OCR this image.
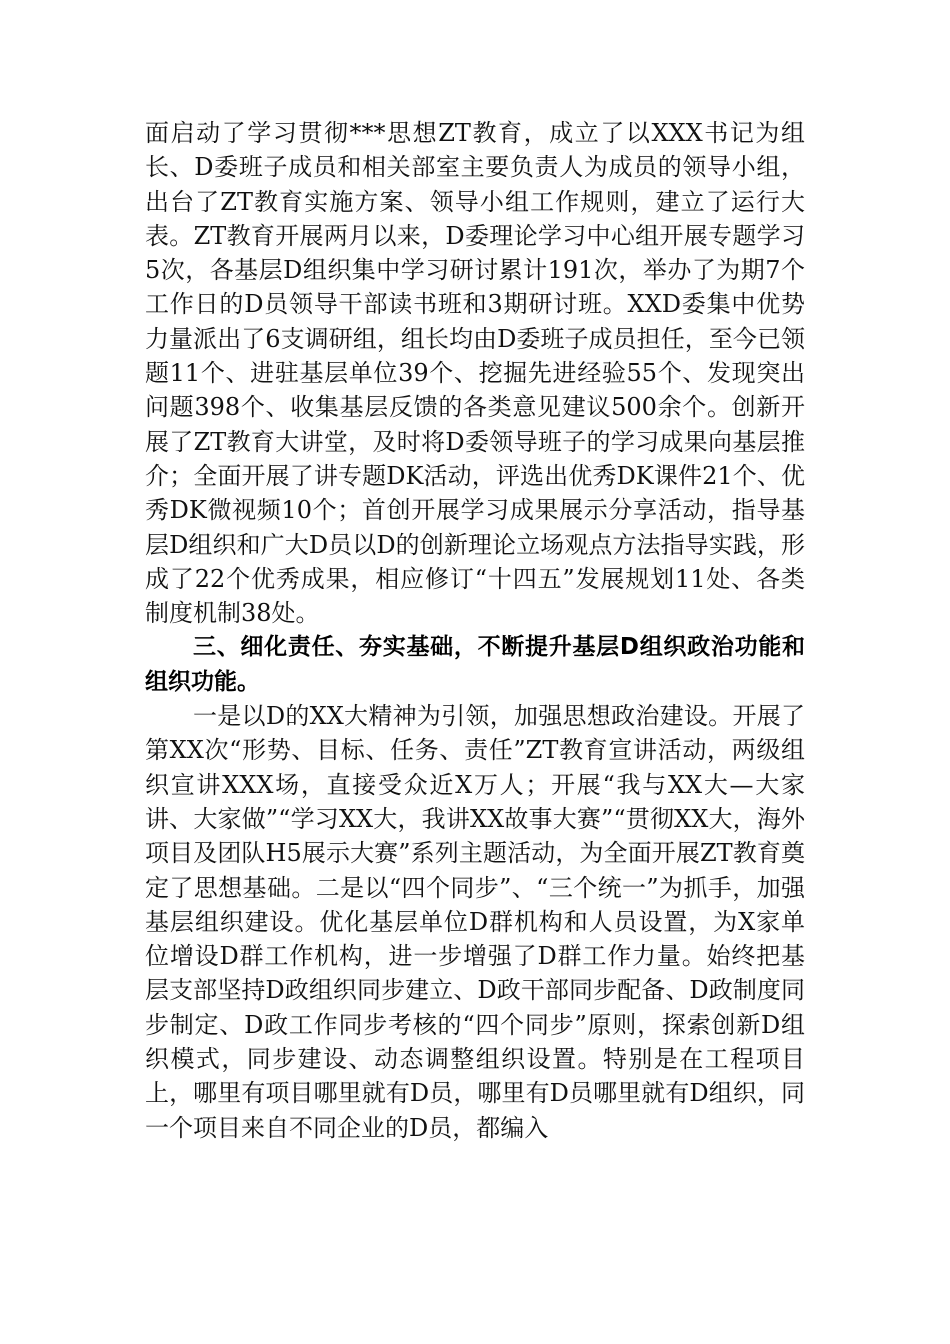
面启动了学习贯彻***思想ZT教育，成立了以XXX书记为组长、D委班子成员和相关部室主要负责人为成员的领导小组，出台了ZT教育实施方案、领导小组工作规则，建立了运行大表。ZT教育开展两月以来，D委理论学习中心组开展专题学习5次，各基层D组织集中学习研讨累计191次，举办了为期7个工作日的D员领导干部读书班和3期研讨班。XXD委集中优势力量派出了6支调研组，组长均由D委班子成员担任，至今已领题11个、进驻基层单位39个、挖掘先进经验55个、发现突出问题398个、收集基层反馈的各类意见建议500余个。创新开展了ZT教育大讲堂，及时将D委领导班子的学习成果向基层推介；全面开展了讲专题DK活动，评选出优秀DK课件21个、优秀DK微视频10个；首创开展学习成果展示分享活动，指导基层D组织和广大D员以D的创新理论立场观点方法指导实践，形成了22个优秀成果，相应修订“十四五”发展规划11处、各类制度机制38处。

三、细化责任、夯实基础，不断提升基层D组织政治功能和组织功能。

一是以D的XX大精神为引领，加强思想政治建设。开展了第XX次“形势、目标、任务、责任”ZT教育宣讲活动，两级组织宣讲XXX场，直接受众近X万人；开展“我与XX大—大家讲、大家做”“学习XX大，我讲XX故事大赛”“贯彻XX大，海外项目及团队H5展示大赛”系列主题活动，为全面开展ZT教育奠定了思想基础。二是以“四个同步”、“三个统一”为抓手，加强基层组织建设。优化基层单位D群机构和人员设置，为X家单位增设D群工作机构，进一步增强了D群工作力量。始终把基层支部坚持D政组织同步建立、D政干部同步配备、D政制度同步制定、D政工作同步考核的“四个同步”原则，探索创新D组织模式，同步建设、动态调整组织设置。特别是在工程项目上，哪里有项目哪里就有D员，哪里有D员哪里就有D组织，同一个项目来自不同企业的D员，都编入
